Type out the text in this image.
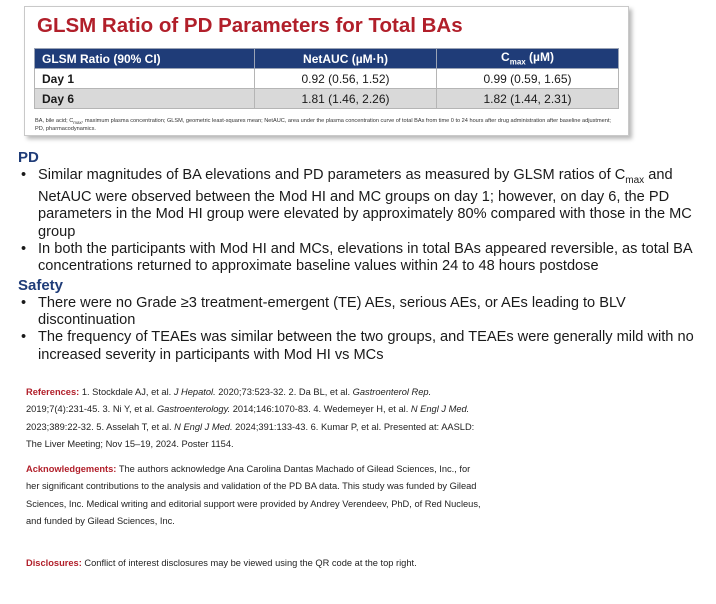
GLSM Ratio of PD Parameters for Total BAs
GLSM Ratio (90% CI)	NetAUC (µM·h)	$C_{max}$ (µM)
Day 1	0.92 (0.56, 1.52)	0.99 (0.59, 1.65)
Day 6	1.81 (1.46, 2.26)	1.82 (1.44, 2.31)
BA, bile acid; $C_{max}$, maximum plasma concentration; GLSM, geometric least-squares mean; NetAUC, area under the plasma concentration curve of total BAs from time 0 to 24 hours after drug administration after baseline adjustment; PD, pharmacodynamics.
PD
• Similar magnitudes of BA elevations and PD parameters as measured by GLSM ratios of $C_{max}$ and NetAUC were observed between the Mod HI and MC groups on day 1; however, on day 6, the PD parameters in the Mod HI group were elevated by approximately 80% compared with those in the MC group
• In both the participants with Mod HI and MCs, elevations in total BAs appeared reversible, as total BA concentrations returned to approximate baseline values within 24 to 48 hours postdose
Safety
• There were no Grade ≥3 treatment-emergent (TE) AEs, serious AEs, or AEs leading to BLV discontinuation
• The frequency of TEAEs was similar between the two groups, and TEAEs were generally mild with no increased severity in participants with Mod HI vs MCs
References: 1. Stockdale AJ, et al. J Hepatol. 2020;73:523-32. 2. Da BL, et al. Gastroenterol Rep. 2019;7(4):231-45. 3. Ni Y, et al. Gastroenterology. 2014;146:1070-83. 4. Wedemeyer H, et al. N Engl J Med. 2023;389:22-32. 5. Asselah T, et al. N Engl J Med. 2024;391:133-43. 6. Kumar P, et al. Presented at: AASLD: The Liver Meeting; Nov 15–19, 2024. Poster 1154.
Acknowledgements: The authors acknowledge Ana Carolina Dantas Machado of Gilead Sciences, Inc., for her significant contributions to the analysis and validation of the PD BA data. This study was funded by Gilead Sciences, Inc. Medical writing and editorial support were provided by Andrey Verendeev, PhD, of Red Nucleus, and funded by Gilead Sciences, Inc.
Disclosures: Conflict of interest disclosures may be viewed using the QR code at the top right.
